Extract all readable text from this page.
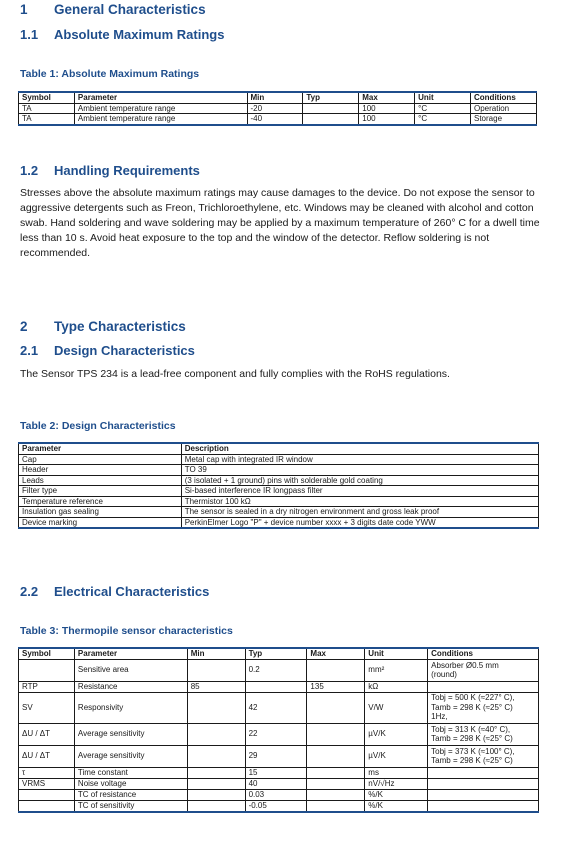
1 General Characteristics
1.1 Absolute Maximum Ratings
Table 1: Absolute Maximum Ratings
Symbol	Parameter	Min	Typ	Max	Unit	Conditions
TA	Ambient temperature range	-20		100	°C	Operation
TA	Ambient temperature range	-40		100	°C	Storage
1.2 Handling Requirements
Stresses above the absolute maximum ratings may cause damages to the device. Do not expose the sensor to aggressive detergents such as Freon, Trichloroethylene, etc. Windows may be cleaned with alcohol and cotton swab. Hand soldering and wave soldering may be applied by a maximum temperature of 260° C for a dwell time less than 10 s. Avoid heat exposure to the top and the window of the detector. Reflow soldering is not recommended.
2 Type Characteristics
2.1 Design Characteristics
The Sensor TPS 234 is a lead-free component and fully complies with the RoHS regulations.
Table 2: Design Characteristics
Parameter	Description
Cap	Metal cap with integrated IR window
Header	TO 39
Leads	(3 isolated + 1 ground) pins with solderable gold coating
Filter type	Si-based interference IR longpass filter
Temperature reference	Thermistor 100 kΩ
Insulation gas sealing	The sensor is sealed in a dry nitrogen environment and gross leak proof
Device marking	PerkinElmer Logo "P" + device number xxxx + 3 digits date code YWW
2.2 Electrical Characteristics
Table 3: Thermopile sensor characteristics
Symbol	Parameter	Min	Typ	Max	Unit	Conditions
	Sensitive area		0.2		mm²	Absorber Ø0.5 mm
(round)

RTP	Resistance	85		135	kΩ	

SV	Responsivity		42		V/W	Tobj = 500 K (≈227° C),
Tamb = 298 K (≈25° C)
1Hz,

ΔU / ΔT	Average sensitivity		22		µV/K	Tobj = 313 K (≈40° C),
Tamb = 298 K (≈25° C)

ΔU / ΔT	Average sensitivity		29		µV/K	Tobj = 373 K (≈100° C),
Tamb = 298 K (≈25° C)

τ	Time constant		15		ms	

VRMS	Noise voltage		40		nV/√Hz	

	TC of resistance		0.03		%/K	

	TC of sensitivity		-0.05		%/K	
